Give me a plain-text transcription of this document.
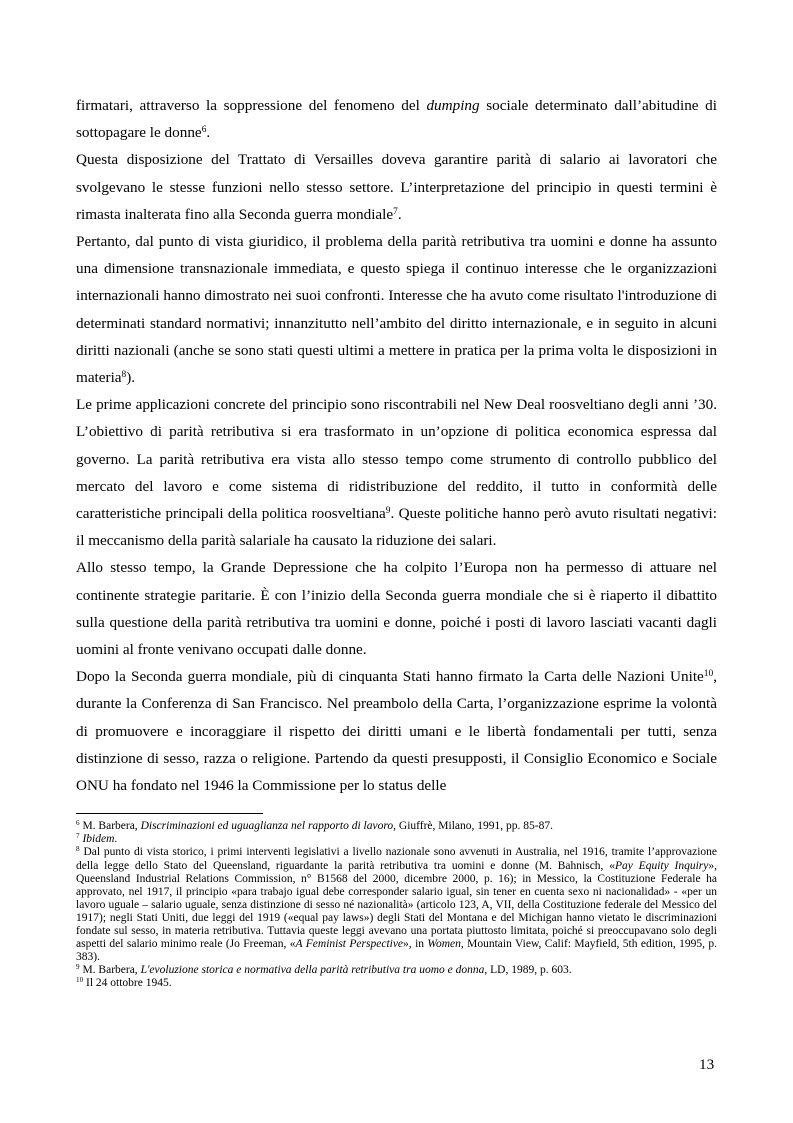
firmatari, attraverso la soppressione del fenomeno del dumping sociale determinato dall’abitudine di sottopagare le donne$^6$.

Questa disposizione del Trattato di Versailles doveva garantire parità di salario ai lavoratori che svolgevano le stesse funzioni nello stesso settore. L’interpretazione del principio in questi termini è rimasta inalterata fino alla Seconda guerra mondiale$^7$.

Pertanto, dal punto di vista giuridico, il problema della parità retributiva tra uomini e donne ha assunto una dimensione transnazionale immediata, e questo spiega il continuo interesse che le organizzazioni internazionali hanno dimostrato nei suoi confronti. Interesse che ha avuto come risultato l'introduzione di determinati standard normativi; innanzitutto nell’ambito del diritto internazionale, e in seguito in alcuni diritti nazionali (anche se sono stati questi ultimi a mettere in pratica per la prima volta le disposizioni in materia$^8$).

Le prime applicazioni concrete del principio sono riscontrabili nel New Deal roosveltiano degli anni ’30. L’obiettivo di parità retributiva si era trasformato in un’opzione di politica economica espressa dal governo. La parità retributiva era vista allo stesso tempo come strumento di controllo pubblico del mercato del lavoro e come sistema di ridistribuzione del reddito, il tutto in conformità delle caratteristiche principali della politica roosveltiana$^9$. Queste politiche hanno però avuto risultati negativi: il meccanismo della parità salariale ha causato la riduzione dei salari.

Allo stesso tempo, la Grande Depressione che ha colpito l’Europa non ha permesso di attuare nel continente strategie paritarie. È con l’inizio della Seconda guerra mondiale che si è riaperto il dibattito sulla questione della parità retributiva tra uomini e donne, poiché i posti di lavoro lasciati vacanti dagli uomini al fronte venivano occupati dalle donne.

Dopo la Seconda guerra mondiale, più di cinquanta Stati hanno firmato la Carta delle Nazioni Unite$^{10}$, durante la Conferenza di San Francisco. Nel preambolo della Carta, l’organizzazione esprime la volontà di promuovere e incoraggiare il rispetto dei diritti umani e le libertà fondamentali per tutti, senza distinzione di sesso, razza o religione. Partendo da questi presupposti, il Consiglio Economico e Sociale ONU ha fondato nel 1946 la Commissione per lo status delle

$^6$ M. Barbera, Discriminazioni ed uguaglianza nel rapporto di lavoro, Giuffrè, Milano, 1991, pp. 85-87.

$^7$ Ibidem.

$^8$ Dal punto di vista storico, i primi interventi legislativi a livello nazionale sono avvenuti in Australia, nel 1916, tramite l’approvazione della legge dello Stato del Queensland, riguardante la parità retributiva tra uomini e donne (M. Bahnisch, «Pay Equity Inquiry», Queensland Industrial Relations Commission, n° B1568 del 2000, dicembre 2000, p. 16); in Messico, la Costituzione Federale ha approvato, nel 1917, il principio «para trabajo igual debe corresponder salario igual, sin tener en cuenta sexo ni nacionalidad» - «per un lavoro uguale – salario uguale, senza distinzione di sesso né nazionalità» (articolo 123, A, VII, della Costituzione federale del Messico del 1917); negli Stati Uniti, due leggi del 1919 («equal pay laws») degli Stati del Montana e del Michigan hanno vietato le discriminazioni fondate sul sesso, in materia retributiva. Tuttavia queste leggi avevano una portata piuttosto limitata, poiché si preoccupavano solo degli aspetti del salario minimo reale (Jo Freeman, «A Feminist Perspective», in Women, Mountain View, Calif: Mayfield, 5th edition, 1995, p. 383).

$^9$ M. Barbera, L'evoluzione storica e normativa della parità retributiva tra uomo e donna, LD, 1989, p. 603.

$^{10}$ Il 24 ottobre 1945.

13
